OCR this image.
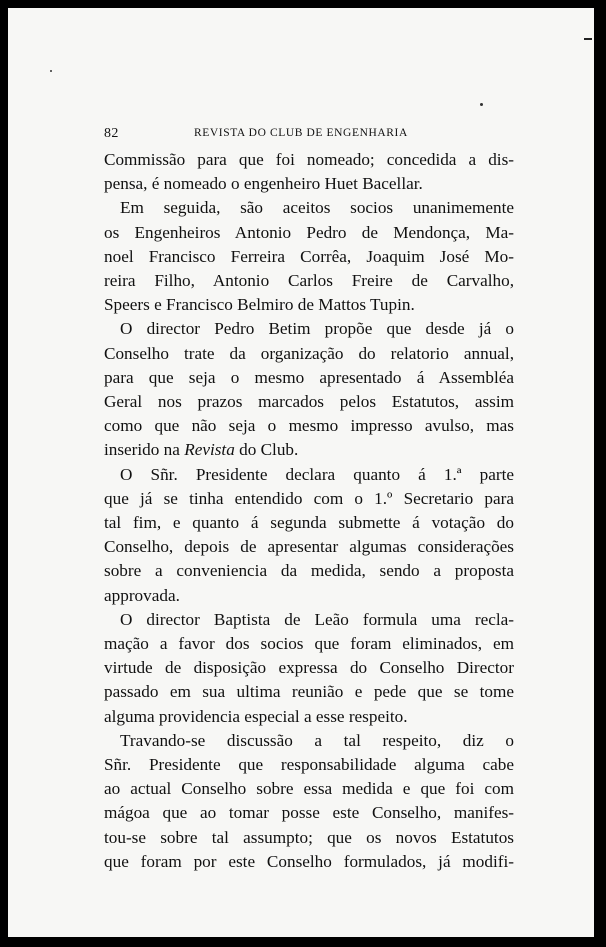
82	REVISTA DO CLUB DE ENGENHARIA
Commissão para que foi nomeado; concedida a dis-
pensa, é nomeado o engenheiro Huet Bacellar.
Em seguida, são aceitos socios unanimemente
os Engenheiros Antonio Pedro de Mendonça, Ma-
noel Francisco Ferreira Corrêa, Joaquim José Mo-
reira Filho, Antonio Carlos Freire de Carvalho,
Speers e Francisco Belmiro de Mattos Tupin.
O director Pedro Betim propõe que desde já o
Conselho trate da organização do relatorio annual,
para que seja o mesmo apresentado á Assembléa
Geral nos prazos marcados pelos Estatutos, assim
como que não seja o mesmo impresso avulso, mas
inserido na Revista do Club.
O Sñr. Presidente declara quanto á 1.ª parte
que já se tinha entendido com o 1.º Secretario para
tal fim, e quanto á segunda submette á votação do
Conselho, depois de apresentar algumas considerações
sobre a conveniencia da medida, sendo a proposta
approvada.
O director Baptista de Leão formula uma recla-
mação a favor dos socios que foram eliminados, em
virtude de disposição expressa do Conselho Director
passado em sua ultima reunião e pede que se tome
alguma providencia especial a esse respeito.
Travando-se discussão a tal respeito, diz o
Sñr. Presidente que responsabilidade alguma cabe
ao actual Conselho sobre essa medida e que foi com
mágoa que ao tomar posse este Conselho, manifes-
tou-se sobre tal assumpto; que os novos Estatutos
que foram por este Conselho formulados, já modifi-
